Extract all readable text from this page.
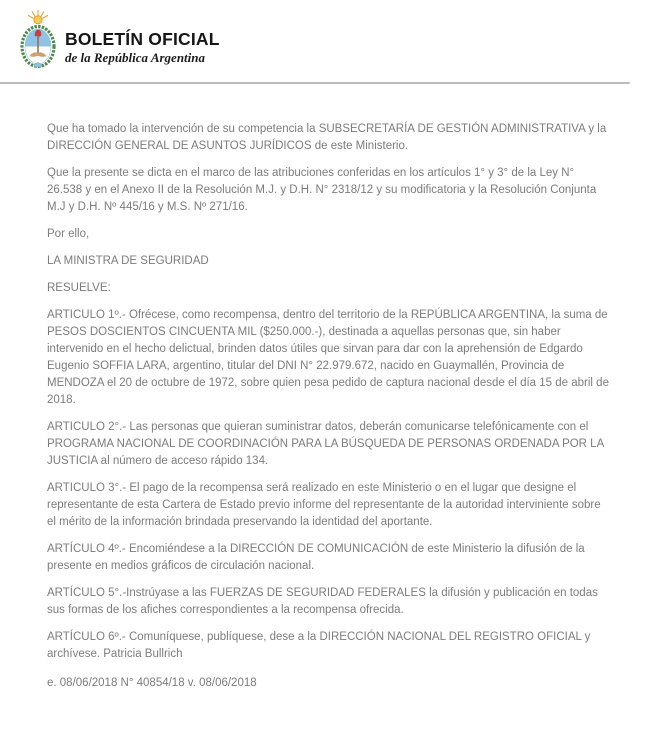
BOLETÍN OFICIAL
de la República Argentina

Que ha tomado la intervención de su competencia la SUBSECRETARÍA DE GESTIÓN ADMINISTRATIVA y la DIRECCIÓN GENERAL DE ASUNTOS JURÍDICOS de este Ministerio.

Que la presente se dicta en el marco de las atribuciones conferidas en los artículos 1° y 3° de la Ley N° 26.538 y en el Anexo II de la Resolución M.J. y D.H. N° 2318/12 y su modificatoria y la Resolución Conjunta M.J y D.H. Nº 445/16 y M.S. Nº 271/16.

Por ello,

LA MINISTRA DE SEGURIDAD

RESUELVE:

ARTICULO 1º.- Ofrécese, como recompensa, dentro del territorio de la REPÚBLICA ARGENTINA, la suma de PESOS DOSCIENTOS CINCUENTA MIL ($250.000.-), destinada a aquellas personas que, sin haber intervenido en el hecho delictual, brinden datos útiles que sirvan para dar con la aprehensión de Edgardo Eugenio SOFFIA LARA, argentino, titular del DNI N° 22.979.672, nacido en Guaymallén, Provincia de MENDOZA el 20 de octubre de 1972, sobre quien pesa pedido de captura nacional desde el día 15 de abril de 2018.

ARTICULO 2°.- Las personas que quieran suministrar datos, deberán comunicarse telefónicamente con el PROGRAMA NACIONAL DE COORDINACIÓN PARA LA BÚSQUEDA DE PERSONAS ORDENADA POR LA JUSTICIA al número de acceso rápido 134.

ARTICULO 3°.- El pago de la recompensa será realizado en este Ministerio o en el lugar que designe el representante de esta Cartera de Estado previo informe del representante de la autoridad interviniente sobre el mérito de la información brindada preservando la identidad del aportante.

ARTÍCULO 4º.- Encomiéndese a la DIRECCIÓN DE COMUNICACIÓN de este Ministerio la difusión de la presente en medios gráficos de circulación nacional.

ARTÍCULO 5°.-Instrúyase a las FUERZAS DE SEGURIDAD FEDERALES la difusión y publicación en todas sus formas de los afiches correspondientes a la recompensa ofrecida.

ARTÍCULO 6º.- Comuníquese, publíquese, dese a la DIRECCIÓN NACIONAL DEL REGISTRO OFICIAL y archívese. Patricia Bullrich

e. 08/06/2018 N° 40854/18 v. 08/06/2018
